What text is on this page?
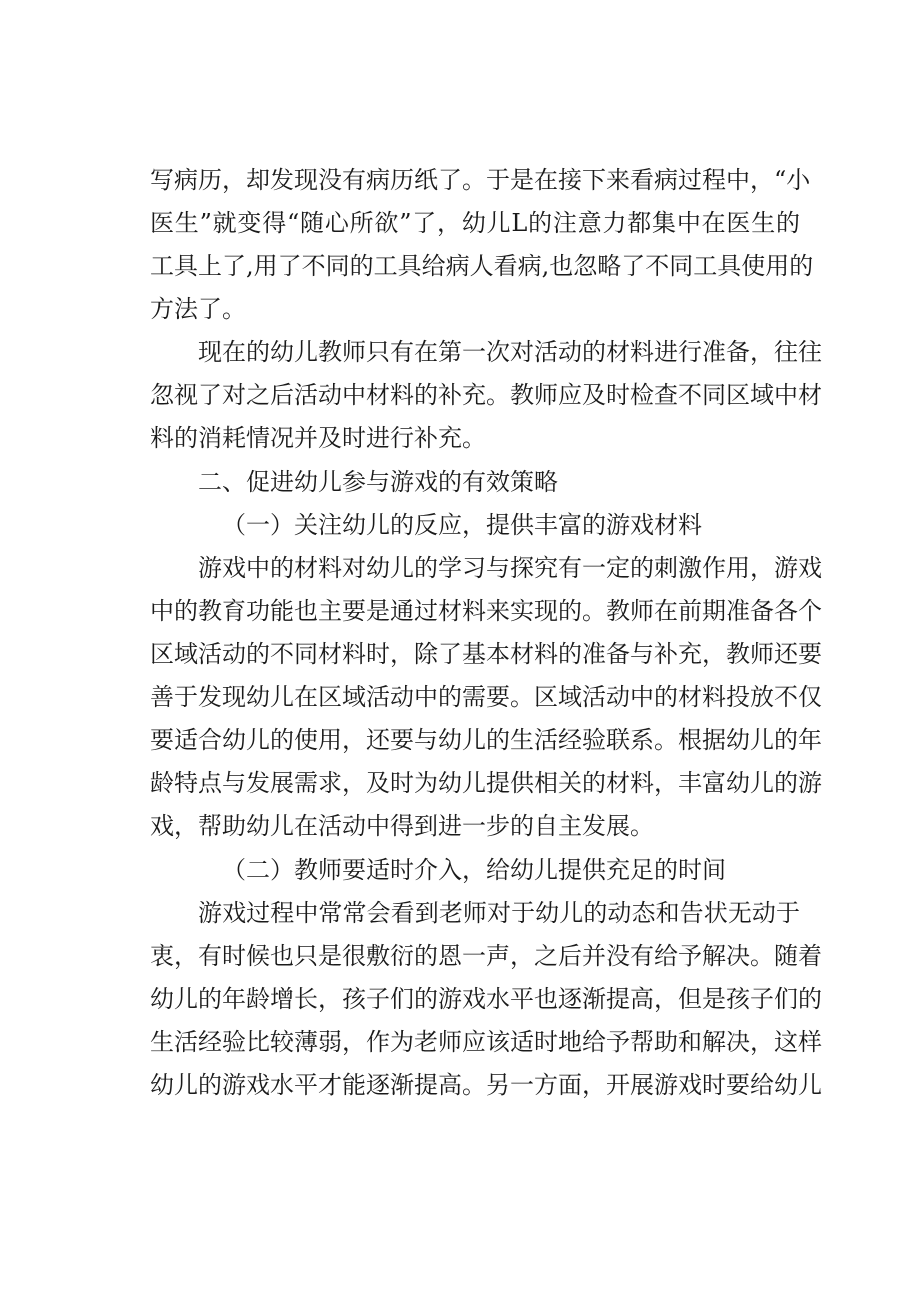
写病历，却发现没有病历纸了。于是在接下来看病过程中，“小
医生”就变得“随心所欲”了，幼儿L的注意力都集中在医生的
工具上了,用了不同的工具给病人看病,也忽略了不同工具使用的
方法了。
现在的幼儿教师只有在第一次对活动的材料进行准备，往往
忽视了对之后活动中材料的补充。教师应及时检查不同区域中材
料的消耗情况并及时进行补充。
二、促进幼儿参与游戏的有效策略
（一）关注幼儿的反应，提供丰富的游戏材料
游戏中的材料对幼儿的学习与探究有一定的刺激作用，游戏
中的教育功能也主要是通过材料来实现的。教师在前期准备各个
区域活动的不同材料时，除了基本材料的准备与补充，教师还要
善于发现幼儿在区域活动中的需要。区域活动中的材料投放不仅
要适合幼儿的使用，还要与幼儿的生活经验联系。根据幼儿的年
龄特点与发展需求，及时为幼儿提供相关的材料，丰富幼儿的游
戏，帮助幼儿在活动中得到进一步的自主发展。
（二）教师要适时介入，给幼儿提供充足的时间
游戏过程中常常会看到老师对于幼儿的动态和告状无动于
衷，有时候也只是很敷衍的恩一声，之后并没有给予解决。随着
幼儿的年龄增长，孩子们的游戏水平也逐渐提高，但是孩子们的
生活经验比较薄弱，作为老师应该适时地给予帮助和解决，这样
幼儿的游戏水平才能逐渐提高。另一方面，开展游戏时要给幼儿
